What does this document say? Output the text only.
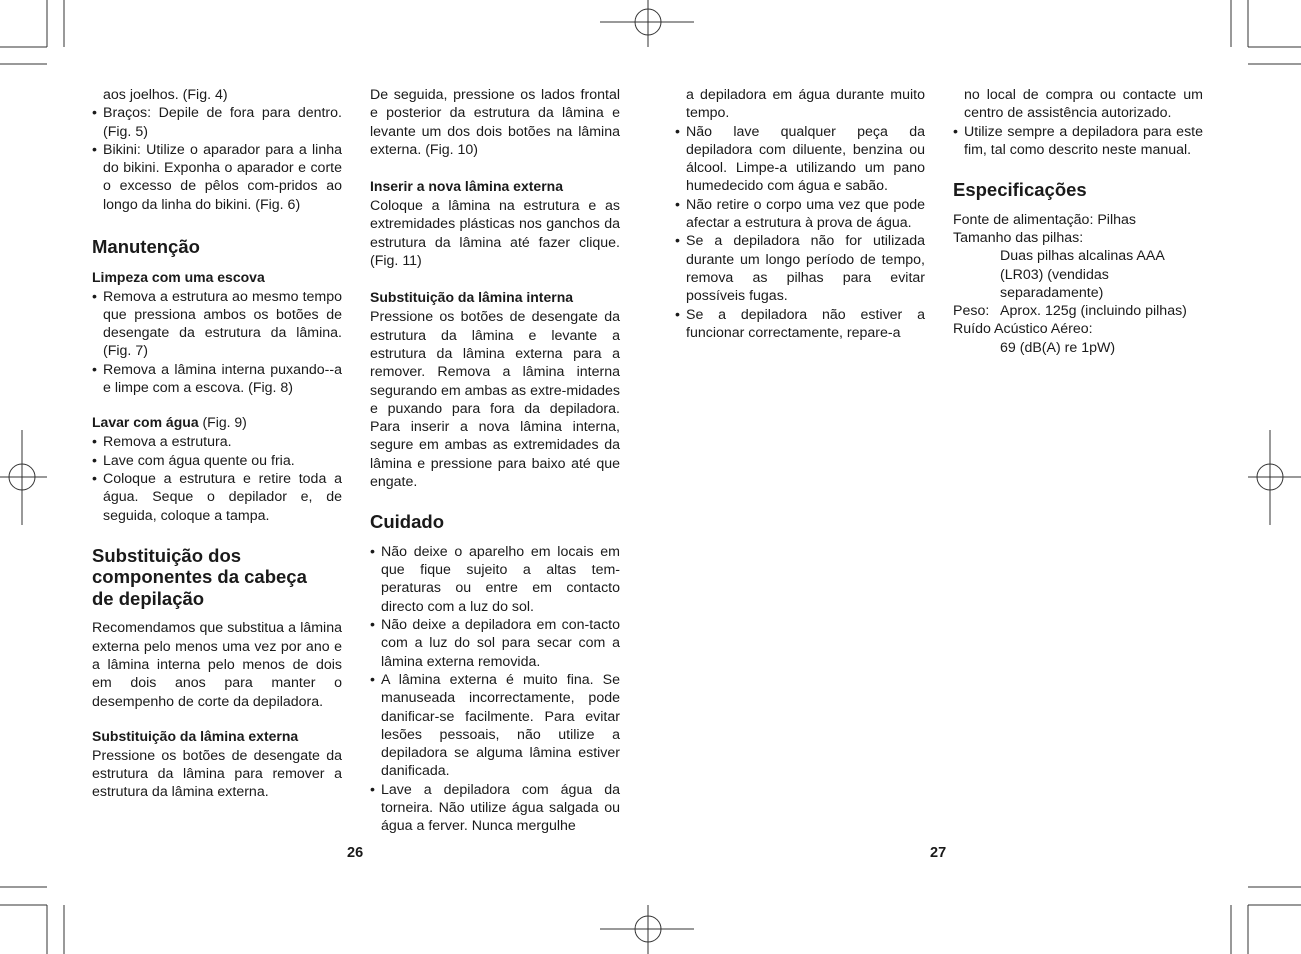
aos joelhos. (Fig. 4)

• Braços: Depile de fora para dentro. (Fig. 5)
• Bikini: Utilize o aparador para a linha do bikini. Exponha o aparador e corte o excesso de pêlos com-pridos ao longo da linha do bikini. (Fig. 6)
Manutenção
Limpeza com uma escova
• Remova a estrutura ao mesmo tempo que pressiona ambos os botões de desengate da estrutura da lâmina. (Fig. 7)
• Remova a lâmina interna puxando--a e limpe com a escova. (Fig. 8)
Lavar com água (Fig. 9)
• Remova a estrutura.
• Lave com água quente ou fria.
• Coloque a estrutura e retire toda a água. Seque o depilador e, de seguida, coloque a tampa.
Substituição dos componentes da cabeça de depilação

Recomendamos que substitua a lâmina externa pelo menos uma vez por ano e a lâmina interna pelo menos de dois em dois anos para manter o desempenho de corte da depiladora.

Substituição da lâmina externa

Pressione os botões de desengate da estrutura da lâmina para remover a estrutura da lâmina externa.

De seguida, pressione os lados frontal e posterior da estrutura da lâmina e levante um dos dois botões na lâmina externa. (Fig. 10)

Inserir a nova lâmina externa

Coloque a lâmina na estrutura e as extremidades plásticas nos ganchos da estrutura da lâmina até fazer clique. (Fig. 11)

Substituição da lâmina interna

Pressione os botões de desengate da estrutura da lâmina e levante a estrutura da lâmina externa para a remover. Remova a lâmina interna segurando em ambas as extre-midades e puxando para fora da depiladora. Para inserir a nova lâmina interna, segure em ambas as extremidades da lâmina e pressione para baixo até que engate.

Cuidado
• Não deixe o aparelho em locais em que fique sujeito a altas tem-peraturas ou entre em contacto directo com a luz do sol.
• Não deixe a depiladora em con-tacto com a luz do sol para secar com a lâmina externa removida.
• A lâmina externa é muito fina. Se manuseada incorrectamente, pode danificar-se facilmente. Para evitar lesões pessoais, não utilize a depiladora se alguma lâmina estiver danificada.
• Lave a depiladora com água da torneira. Não utilize água salgada ou água a ferver. Nunca mergulhe
26

a depiladora em água durante muito tempo.

• Não lave qualquer peça da depiladora com diluente, benzina ou álcool. Limpe-a utilizando um pano humedecido com água e sabão.
• Não retire o corpo uma vez que pode afectar a estrutura à prova de água.
• Se a depiladora não for utilizada durante um longo período de tempo, remova as pilhas para evitar possíveis fugas.
• Se a depiladora não estiver a funcionar correctamente, repare-a

no local de compra ou contacte um centro de assistência autorizado.

• Utilize sempre a depiladora para este fim, tal como descrito neste manual.
Especificações
Fonte de alimentação: Pilhas
Tamanho das pilhas:
Duas pilhas alcalinas AAA (LR03) (vendidas separadamente)
Peso: Aprox. 125g (incluindo pilhas)
Ruído Acústico Aéreo:
69 (dB(A) re 1pW)
27
